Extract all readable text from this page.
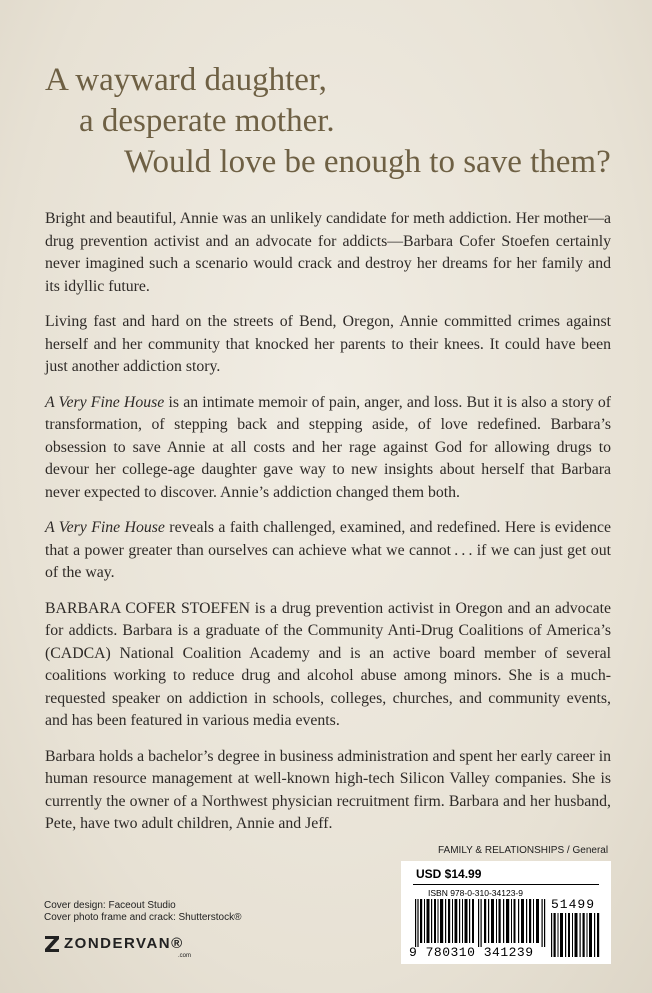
A wayward daughter,
a desperate mother.
Would love be enough to save them?

Bright and beautiful, Annie was an unlikely candidate for meth addiction. Her mother—a drug prevention activist and an advocate for addicts—Barbara Cofer Stoefen certainly never imagined such a scenario would crack and destroy her dreams for her family and its idyllic future.

Living fast and hard on the streets of Bend, Oregon, Annie committed crimes against herself and her community that knocked her parents to their knees. It could have been just another addiction story.

A Very Fine House is an intimate memoir of pain, anger, and loss. But it is also a story of transformation, of stepping back and stepping aside, of love redefined. Barbara’s obsession to save Annie at all costs and her rage against God for allowing drugs to devour her college-age daughter gave way to new insights about herself that Barbara never expected to discover. Annie’s addiction changed them both.

A Very Fine House reveals a faith challenged, examined, and redefined. Here is evidence that a power greater than ourselves can achieve what we cannot . . . if we can just get out of the way.

BARBARA COFER STOEFEN is a drug prevention activist in Oregon and an advocate for addicts. Barbara is a graduate of the Community Anti-Drug Coalitions of America’s (CADCA) National Coalition Academy and is an active board member of several coalitions working to reduce drug and alcohol abuse among minors. She is a much-requested speaker on addiction in schools, colleges, churches, and community events, and has been featured in various media events.

Barbara holds a bachelor’s degree in business administration and spent her early career in human resource management at well-known high-tech Silicon Valley companies. She is currently the owner of a Northwest physician recruitment firm. Barbara and her husband, Pete, have two adult children, Annie and Jeff.

FAMILY & RELATIONSHIPS / General
USD $14.99
ISBN 978-0-310-34123-9
9 780310 341239
51499
Cover design: Faceout Studio
Cover photo frame and crack: Shutterstock®
ZONDERVAN®
.com
